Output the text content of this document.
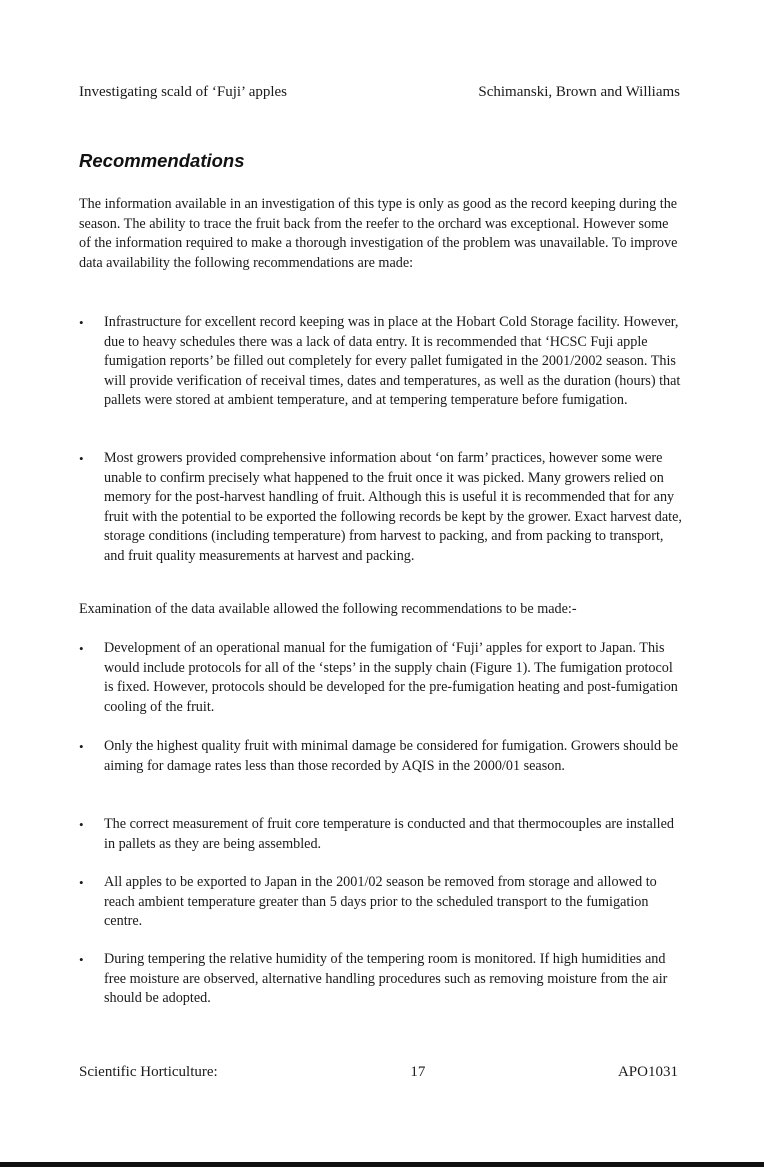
Investigating scald of ‘Fuji’ apples	Schimanski, Brown and Williams
Recommendations

The information available in an investigation of this type is only as good as the record keeping during the season. The ability to trace the fruit back from the reefer to the orchard was exceptional. However some of the information required to make a thorough investigation of the problem was unavailable. To improve data availability the following recommendations are made:

•	Infrastructure for excellent record keeping was in place at the Hobart Cold Storage facility. However, due to heavy schedules there was a lack of data entry. It is recommended that ‘HCSC Fuji apple fumigation reports’ be filled out completely for every pallet fumigated in the 2001/2002 season. This will provide verification of receival times, dates and temperatures, as well as the duration (hours) that pallets were stored at ambient temperature, and at tempering temperature before fumigation.
•	Most growers provided comprehensive information about ‘on farm’ practices, however some were unable to confirm precisely what happened to the fruit once it was picked. Many growers relied on memory for the post-harvest handling of fruit. Although this is useful it is recommended that for any fruit with the potential to be exported the following records be kept by the grower. Exact harvest date, storage conditions (including temperature) from harvest to packing, and from packing to transport, and fruit quality measurements at harvest and packing.

Examination of the data available allowed the following recommendations to be made:-

•	Development of an operational manual for the fumigation of ‘Fuji’ apples for export to Japan. This would include protocols for all of the ‘steps’ in the supply chain (Figure 1). The fumigation protocol is fixed. However, protocols should be developed for the pre-fumigation heating and post-fumigation cooling of the fruit.
•	Only the highest quality fruit with minimal damage be considered for fumigation. Growers should be aiming for damage rates less than those recorded by AQIS in the 2000/01 season.
•	The correct measurement of fruit core temperature is conducted and that thermocouples are installed in pallets as they are being assembled.
•	All apples to be exported to Japan in the 2001/02 season be removed from storage and allowed to reach ambient temperature greater than 5 days prior to the scheduled transport to the fumigation centre.
•	During tempering the relative humidity of the tempering room is monitored. If high humidities and free moisture are observed, alternative handling procedures such as removing moisture from the air should be adopted.
Scientific Horticulture:	17	APO1031
